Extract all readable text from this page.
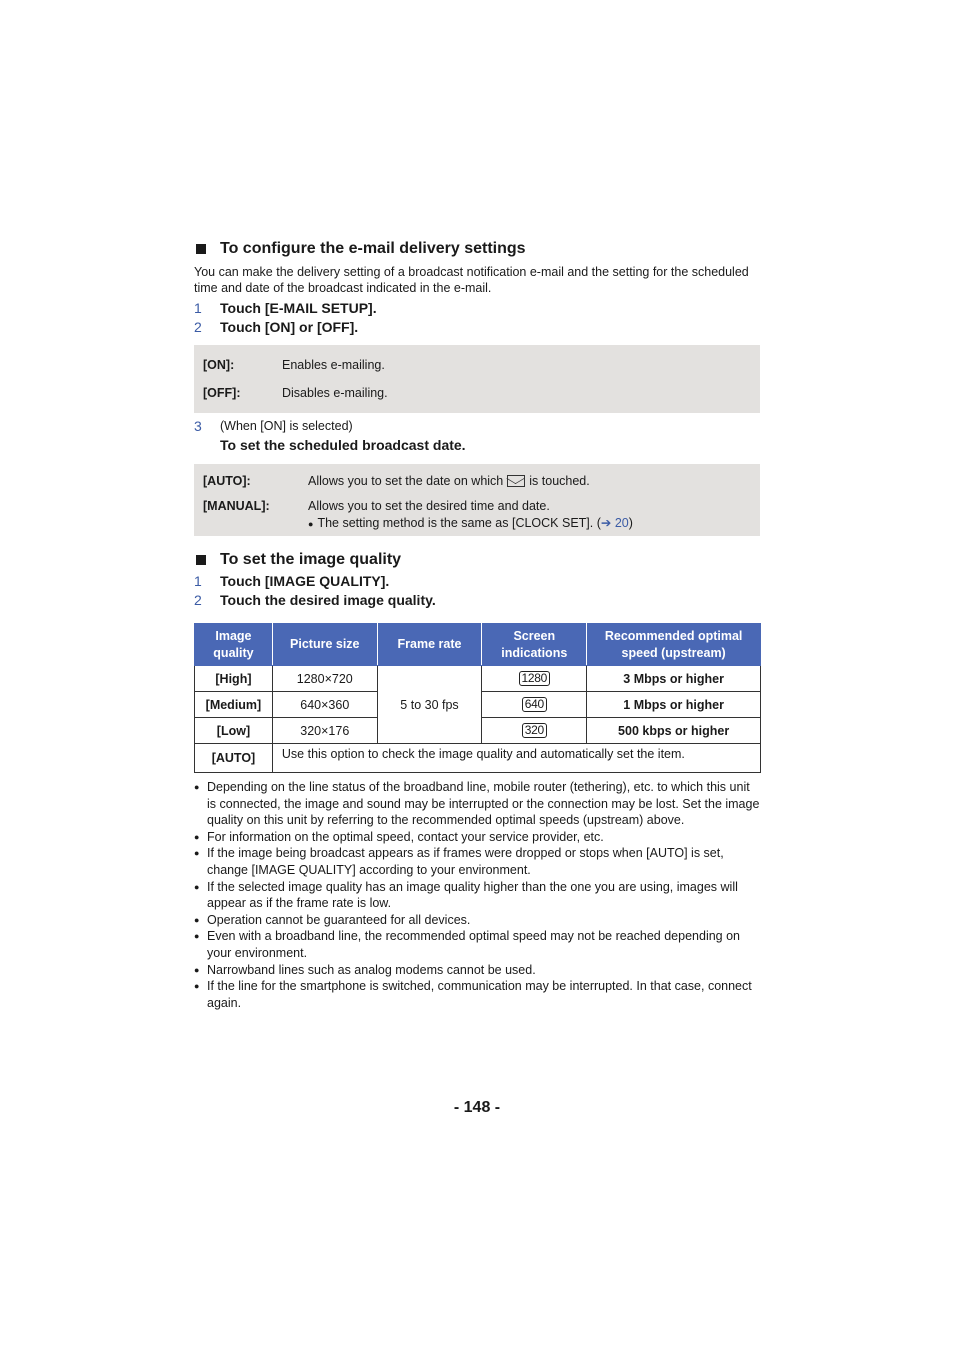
To configure the e-mail delivery settings
You can make the delivery setting of a broadcast notification e-mail and the setting for the scheduled time and date of the broadcast indicated in the e-mail.
1	Touch [E-MAIL SETUP].
2	Touch [ON] or [OFF].
[ON]:	Enables e-mailing.
[OFF]:	Disables e-mailing.
3	(When [ON] is selected)
To set the scheduled broadcast date.
[AUTO]:	Allows you to set the date on which is touched.
[MANUAL]:	Allows you to set the desired time and date.
● The setting method is the same as [CLOCK SET]. (➔ 20)
To set the image quality
1	Touch [IMAGE QUALITY].
2	Touch the desired image quality.
Image quality	Picture size	Frame rate	Screen indications	Recommended optimal speed (upstream)
[High]	1280×720	5 to 30 fps	1280	3 Mbps or higher
[Medium]	640×360		640	1 Mbps or higher
[Low]	320×176		320	500 kbps or higher
[AUTO]	Use this option to check the image quality and automatically set the item.			
● Depending on the line status of the broadband line, mobile router (tethering), etc. to which this unit is connected, the image and sound may be interrupted or the connection may be lost. Set the image quality on this unit by referring to the recommended optimal speeds (upstream) above.
● For information on the optimal speed, contact your service provider, etc.
● If the image being broadcast appears as if frames were dropped or stops when [AUTO] is set, change [IMAGE QUALITY] according to your environment.
● If the selected image quality has an image quality higher than the one you are using, images will appear as if the frame rate is low.
● Operation cannot be guaranteed for all devices.
● Even with a broadband line, the recommended optimal speed may not be reached depending on your environment.
● Narrowband lines such as analog modems cannot be used.
● If the line for the smartphone is switched, communication may be interrupted. In that case, connect again.
- 148 -
